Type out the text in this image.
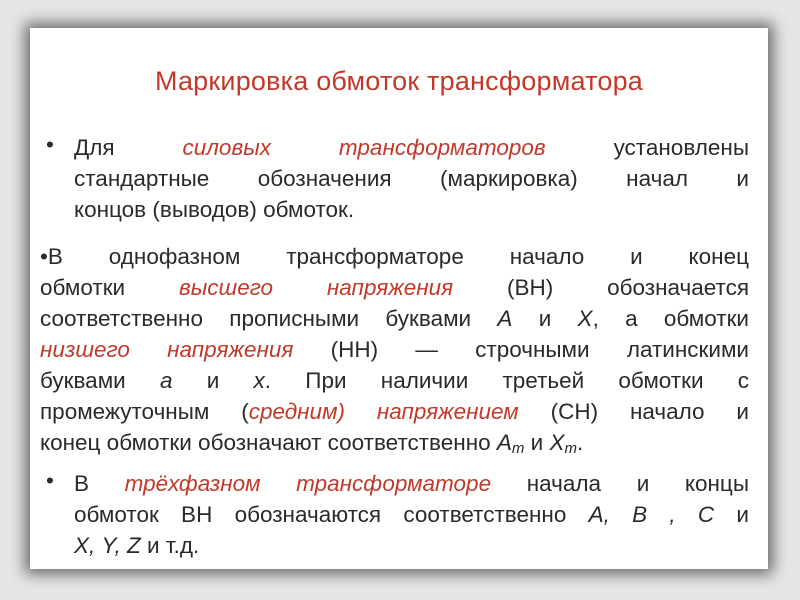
Маркировка обмоток трансформатора
• Для силовых трансформаторов	установлены
стандартные обозначения (маркировка) начал и
концов (выводов) обмоток.
•В однофазном трансформаторе начало и конец
обмотки высшего напряжения (ВН) обозначается
соответственно прописными буквами А и Х, а обмотки
низшего напряжения (НН) — строчными латинскими
буквами а и х. При наличии третьей обмотки с
промежуточным (средним) напряжением (СН) начало и
конец обмотки обозначают соответственно $А_т$ и $Х_т$.
• В трёхфазном трансформаторе начала и концы
обмоток ВН обозначаются соответственно А, В , С и
Х, Y, Z и т.д.
